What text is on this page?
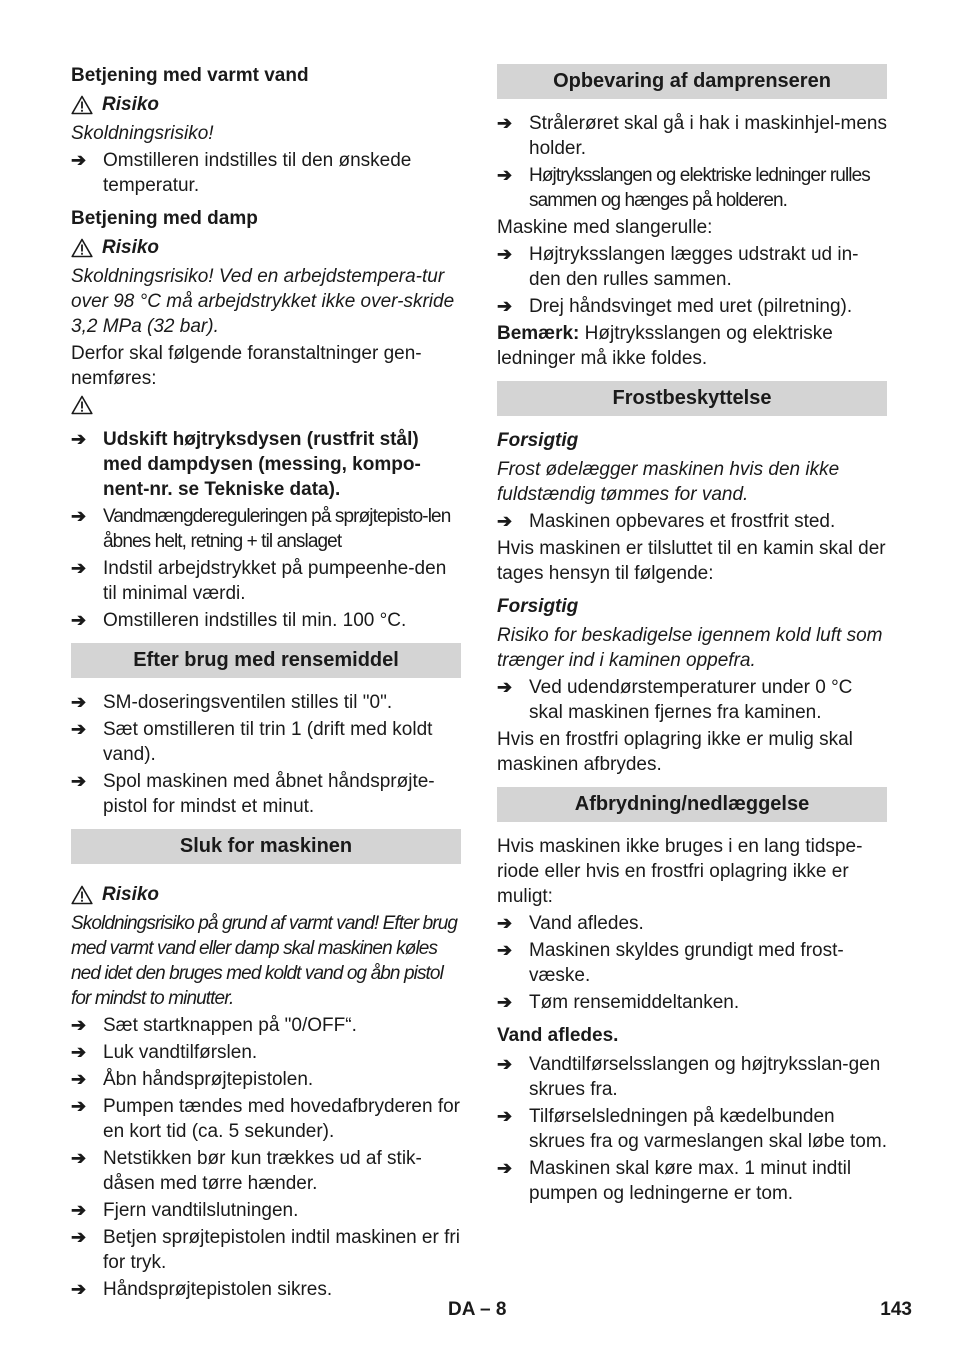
Betjening med varmt vand
Risiko
Skoldningsrisiko!
➔ Omstilleren indstilles til den ønskede temperatur.
Betjening med damp
Risiko
Skoldningsrisiko! Ved en arbejdstempera-tur over 98 °C må arbejdstrykket ikke over-skride 3,2 MPa (32 bar).
Derfor skal følgende foranstaltninger gen-nemføres:
➔ Udskift højtryksdysen (rustfrit stål) med dampdysen (messing, kompo-nent-nr. se Tekniske data).
➔ Vandmængdereguleringen på sprøjtepisto-len åbnes helt, retning + til anslaget
➔ Indstil arbejdstrykket på pumpeenhe-den til minimal værdi.
➔ Omstilleren indstilles til min. 100 °C.
Efter brug med rensemiddel
➔ SM-doseringsventilen stilles til "0".
➔ Sæt omstilleren til trin 1 (drift med koldt vand).
➔ Spol maskinen med åbnet håndsprøjte-pistol for mindst et minut.
Sluk for maskinen
Risiko
Skoldningsrisiko på grund af varmt vand! Efter brug med varmt vand eller damp skal maskinen køles ned idet den bruges med koldt vand og åbn pistol for mindst to minutter.
➔ Sæt startknappen på "0/OFF“.
➔ Luk vandtilførslen.
➔ Åbn håndsprøjtepistolen.
➔ Pumpen tændes med hovedafbryderen for en kort tid (ca. 5 sekunder).
➔ Netstikken bør kun trækkes ud af stik-dåsen med tørre hænder.
➔ Fjern vandtilslutningen.
➔ Betjen sprøjtepistolen indtil maskinen er fri for tryk.
➔ Håndsprøjtepistolen sikres.
Opbevaring af damprenseren
➔ Strålerøret skal gå i hak i maskinhjel-mens holder.
➔ Højtryksslangen og elektriske ledninger rulles sammen og hænges på holderen.
Maskine med slangerulle:
➔ Højtryksslangen lægges udstrakt ud in-den den rulles sammen.
➔ Drej håndsvinget med uret (pilretning).
Bemærk: Højtryksslangen og elektriske ledninger må ikke foldes.
Frostbeskyttelse
Forsigtig
Frost ødelægger maskinen hvis den ikke fuldstændig tømmes for vand.
➔ Maskinen opbevares et frostfrit sted.
Hvis maskinen er tilsluttet til en kamin skal der tages hensyn til følgende:
Forsigtig
Risiko for beskadigelse igennem kold luft som trænger ind i kaminen oppefra.
➔ Ved udendørstemperaturer under 0 °C skal maskinen fjernes fra kaminen.
Hvis en frostfri oplagring ikke er mulig skal maskinen afbrydes.
Afbrydning/nedlæggelse
Hvis maskinen ikke bruges i en lang tidspe-riode eller hvis en frostfri oplagring ikke er muligt:
➔ Vand afledes.
➔ Maskinen skyldes grundigt med frost-væske.
➔ Tøm rensemiddeltanken.
Vand afledes.
➔ Vandtilførselsslangen og højtryksslan-gen skrues fra.
➔ Tilførselsledningen på kædelbunden skrues fra og varmeslangen skal løbe tom.
➔ Maskinen skal køre max. 1 minut indtil pumpen og ledningerne er tom.
DA – 8	143
